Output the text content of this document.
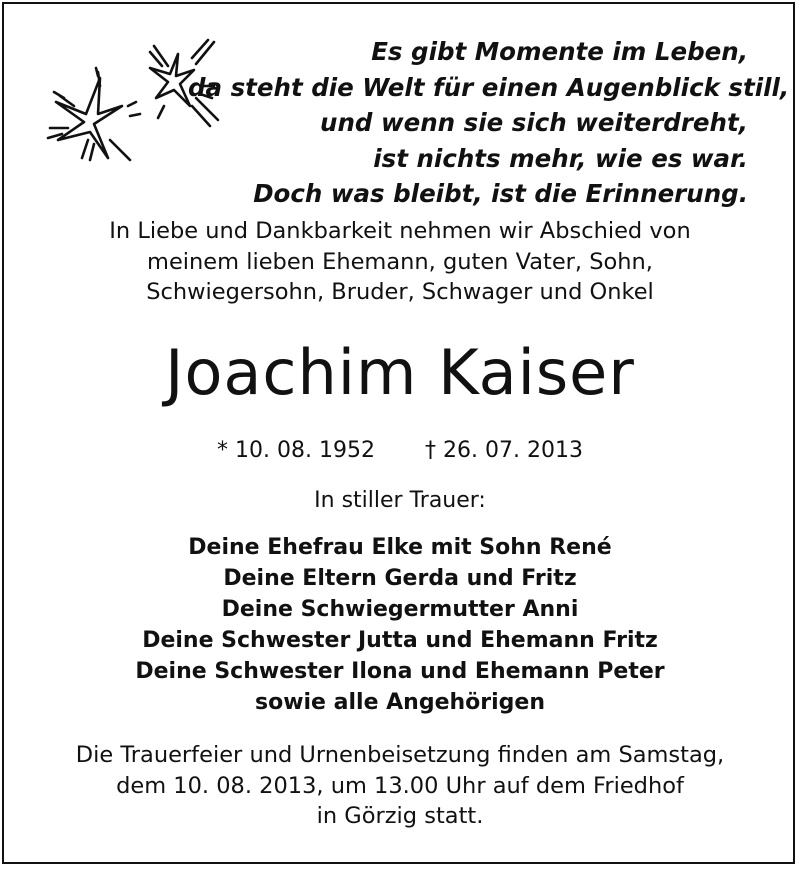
Es gibt Momente im Leben,
da steht die Welt für einen Augenblick still,
und wenn sie sich weiterdreht,
ist nichts mehr, wie es war.
Doch was bleibt, ist die Erinnerung.
In Liebe und Dankbarkeit nehmen wir Abschied von
meinem lieben Ehemann, guten Vater, Sohn,
Schwiegersohn, Bruder, Schwager und Onkel
Joachim Kaiser
* 10. 08. 1952 † 26. 07. 2013
In stiller Trauer:
Deine Ehefrau Elke mit Sohn René
Deine Eltern Gerda und Fritz
Deine Schwiegermutter Anni
Deine Schwester Jutta und Ehemann Fritz
Deine Schwester Ilona und Ehemann Peter
sowie alle Angehörigen
Die Trauerfeier und Urnenbeisetzung finden am Samstag,
dem 10. 08. 2013, um 13.00 Uhr auf dem Friedhof
in Görzig statt.
